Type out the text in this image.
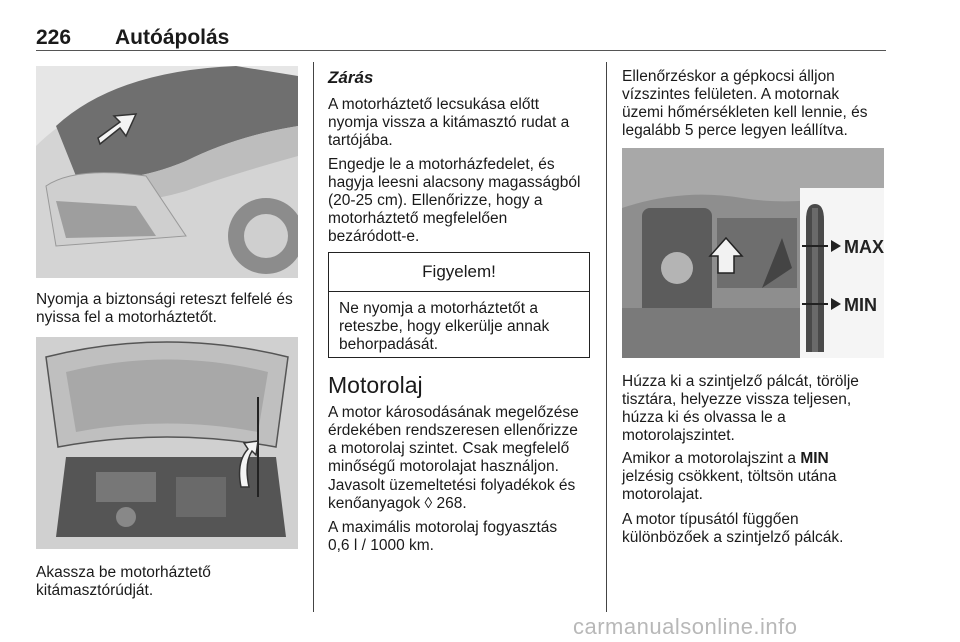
226 Autóápolás

Nyomja a biztonsági reteszt felfelé és

nyissa fel a motorháztetőt.

Akassza be motorháztető

kitámasztórúdját.

Zárás

A motorháztető lecsukása előtt

nyomja vissza a kitámasztó rudat a

tartójába.

Engedje le a motorházfedelet, és

hagyja leesni alacsony magasságból

(20-25 cm). Ellenőrizze, hogy a

motorháztető megfelelően

bezáródott-e.

Figyelem!

Ne nyomja a motorháztetőt a

reteszbe, hogy elkerülje annak

behorpadását.

Motorolaj

A motor károsodásának megelőzése

érdekében rendszeresen ellenőrizze

a motorolaj szintet. Csak megfelelő

minőségű motorolajat használjon.

Javasolt üzemeltetési folyadékok és

kenőanyagok ◊ 268.

A maximális motorolaj fogyasztás

0,6 l / 1000 km.

Ellenőrzéskor a gépkocsi álljon

vízszintes felületen. A motornak

üzemi hőmérsékleten kell lennie, és

legalább 5 perce legyen leállítva.

MAX
MIN

Húzza ki a szintjelző pálcát, törölje

tisztára, helyezze vissza teljesen,

húzza ki és olvassa le a

motorolajszintet.

Amikor a motorolajszint a MIN

jelzésig csökkent, töltsön utána

motorolajat.

A motor típusától függően

különbözőek a szintjelző pálcák.

carmanualsonline.info
